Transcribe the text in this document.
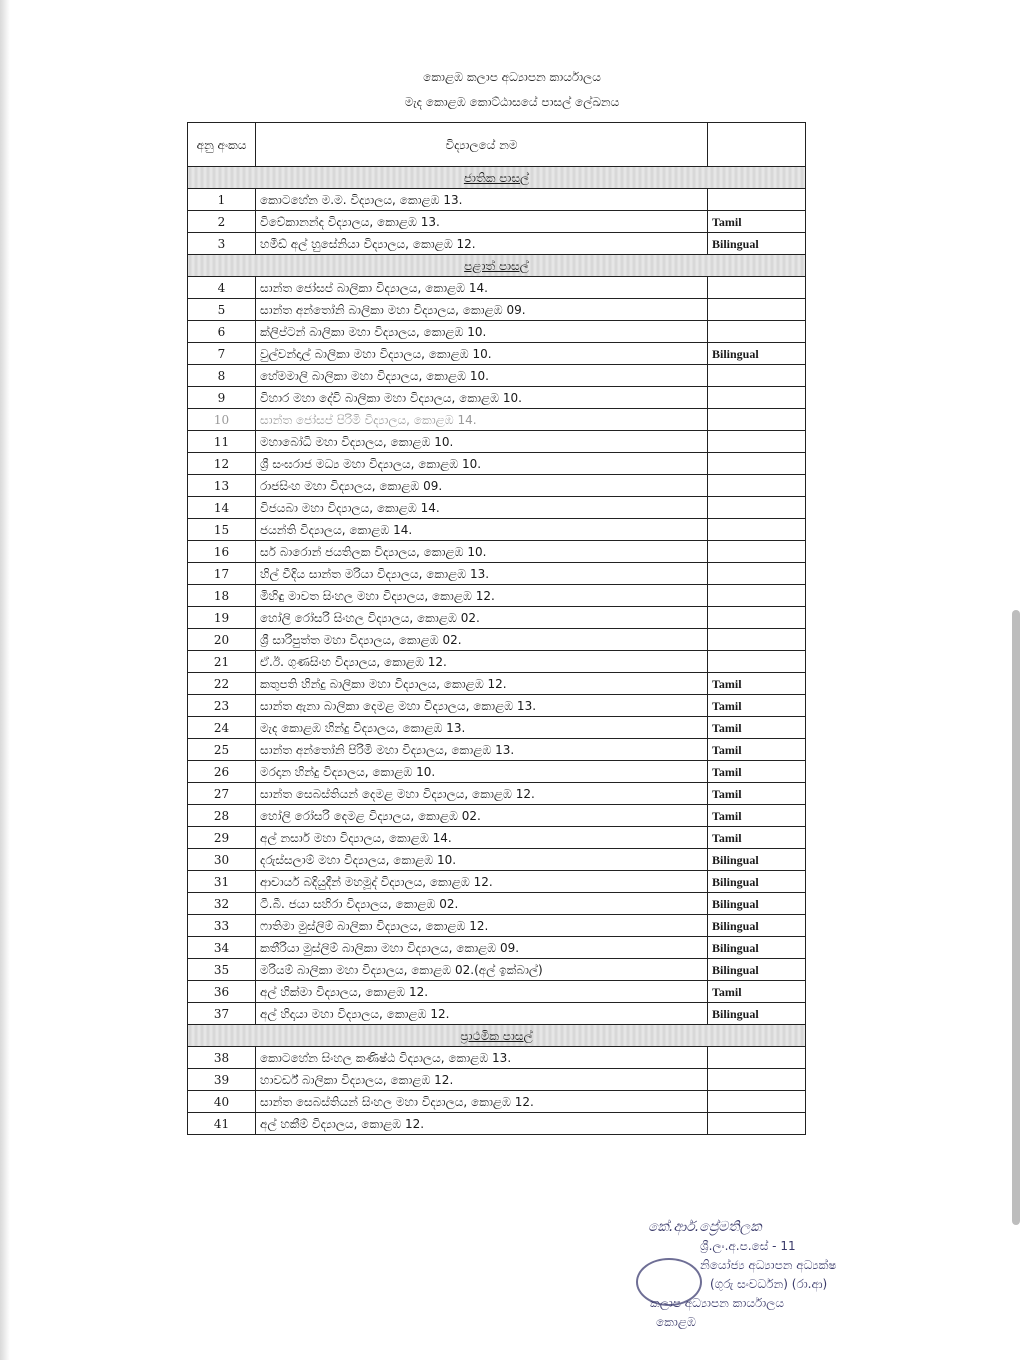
කොළඹ කලාප අධ්‍යාපන කාර්යාලය
මැද කොළඹ කොට්ඨාසයේ පාසල් ලේඛනය
අනු අංකය	විද්‍යාලයේ නම	
ජාතික පාසල්		
1	කොටහේන ම.ම. විද්‍යාලය, කොළඹ 13.	
2	විවේකානන්ද විද්‍යාලය, කොළඹ 13.	Tamil
3	හමීඩ් අල් හුසේනියා විද්‍යාලය, කොළඹ 12.	Bilingual
පළාත් පාසල්		
4	සාන්ත ජෝසප් බාලිකා විද්‍යාලය, කොළඹ 14.	
5	සාන්ත අන්තෝනි බාලිකා මහා විද්‍යාලය, කොළඹ 09.	
6	ක්ලිප්ටන් බාලිකා මහා විද්‍යාලය, කොළඹ 10.	
7	වුල්වන්දාල් බාලිකා මහා විද්‍යාලය, කොළඹ 10.	Bilingual
8	හේමමාලි බාලිකා මහා විද්‍යාලය, කොළඹ 10.	
9	විහාර මහා දේවි බාලිකා මහා විද්‍යාලය, කොළඹ 10.	
10	සාන්ත ජෝසප් පිරිමි විද්‍යාලය, කොළඹ 14.	
11	මහාබෝධි මහා විද්‍යාලය, කොළඹ 10.	
12	ශ්‍රී සංඝරාජ මධ්‍ය මහා විද්‍යාලය, කොළඹ 10.	
13	රාජසිංහ මහා විද්‍යාලය, කොළඹ 09.	
14	විජයබා මහා විද්‍යාලය, කොළඹ 14.	
15	ජයන්ති විද්‍යාලය, කොළඹ 14.	
16	සර් බාරොන් ජයතිලක විද්‍යාලය, කොළඹ 10.	
17	හිල් වීදිය සාන්ත මරියා විද්‍යාලය, කොළඹ 13.	
18	මිහිඳු මාවත සිංහල මහා විද්‍යාලය, කොළඹ 12.	
19	හෝලි රෝසරි සිංහල විද්‍යාලය, කොළඹ 02.	
20	ශ්‍රී සාරිපුත්ත මහා විද්‍යාලය, කොළඹ 02.	
21	ඒ.ඊ. ගුණසිංහ විද්‍යාලය, කොළඹ 12.	
22	කතුපති හින්දු බාලිකා මහා විද්‍යාලය, කොළඹ 12.	Tamil
23	සාන්ත ඇනා බාලිකා දෙමළ මහා විද්‍යාලය, කොළඹ 13.	Tamil
24	මැද කොළඹ හින්දු විද්‍යාලය, කොළඹ 13.	Tamil
25	සාන්ත අන්තෝනි පිරිමි මහා විද්‍යාලය, කොළඹ 13.	Tamil
26	මරදාන හින්දු විද්‍යාලය, කොළඹ 10.	Tamil
27	සාන්ත සෙබස්තියන් දෙමළ මහා විද්‍යාලය, කොළඹ 12.	Tamil
28	හෝලි රෝසරි දෙමළ විද්‍යාලය, කොළඹ 02.	Tamil
29	අල් නසාර් මහා විද්‍යාලය, කොළඹ 14.	Tamil
30	දරුස්සලාම් මහා විද්‍යාලය, කොළඹ 10.	Bilingual
31	ආචාර්ය බදියුදීන් මහමූද් විද්‍යාලය, කොළඹ 12.	Bilingual
32	ටී.බී. ජයා සහිරා විද්‍යාලය, කොළඹ 02.	Bilingual
33	ෆාතිමා මුස්ලිම් බාලිකා විද්‍යාලය, කොළඹ 12.	Bilingual
34	කතීරියා මුස්ලිම් බාලිකා මහා විද්‍යාලය, කොළඹ 09.	Bilingual
35	මරියම් බාලිකා මහා විද්‍යාලය, කොළඹ 02.(අල් ඉක්බාල්)	Bilingual
36	අල් හික්මා විද්‍යාලය, කොළඹ 12.	Tamil
37	අල් හිදායා මහා විද්‍යාලය, කොළඹ 12.	Bilingual
ප්‍රාථමික පාසල්		
38	කොටහේන සිංහල කණිෂ්ඨ විද්‍යාලය, කොළඹ 13.	
39	හාවර්ඩ් බාලිකා විද්‍යාලය, කොළඹ 12.	
40	සාන්ත සෙබස්තියන් සිංහල මහා විද්‍යාලය, කොළඹ 12.	
41	අල් හකීම් විද්‍යාලය, කොළඹ 12.	
කේ.ආර්.ප්‍රේමතිලක
ශ්‍රී.ලං.අ.ප.සේ - 11
නියෝජ්‍ය අධ්‍යාපන අධ්‍යක්ෂ
(ගුරු සංවර්ධන) (රා.ආ)
කලාප අධ්‍යාපන කාර්යාලය
කොළඹ
